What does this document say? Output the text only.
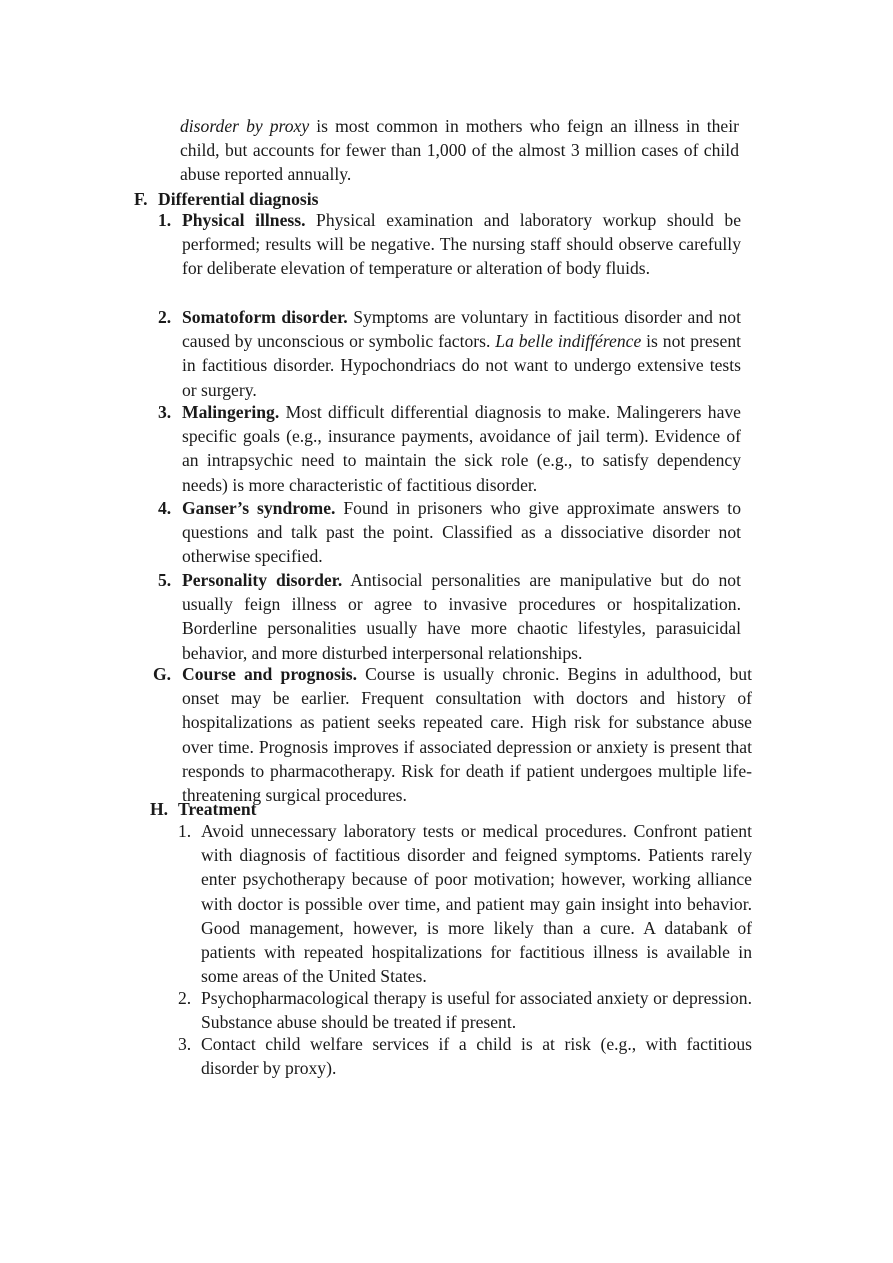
disorder by proxy is most common in mothers who feign an illness in their child, but accounts for fewer than 1,000 of the almost 3 million cases of child abuse reported annually.
F. Differential diagnosis
1. Physical illness. Physical examination and laboratory workup should be performed; results will be negative. The nursing staff should observe carefully for deliberate elevation of temperature or alteration of body fluids.
2. Somatoform disorder. Symptoms are voluntary in factitious disorder and not caused by unconscious or symbolic factors. La belle indifférence is not present in factitious disorder. Hypochondriacs do not want to undergo extensive tests or surgery.
3. Malingering. Most difficult differential diagnosis to make. Malingerers have specific goals (e.g., insurance payments, avoidance of jail term). Evidence of an intrapsychic need to maintain the sick role (e.g., to satisfy dependency needs) is more characteristic of factitious disorder.
4. Ganser’s syndrome. Found in prisoners who give approximate answers to questions and talk past the point. Classified as a dissociative disorder not otherwise specified.
5. Personality disorder. Antisocial personalities are manipulative but do not usually feign illness or agree to invasive procedures or hospitalization. Borderline personalities usually have more chaotic lifestyles, parasuicidal behavior, and more disturbed interpersonal relationships.
G. Course and prognosis. Course is usually chronic. Begins in adulthood, but onset may be earlier. Frequent consultation with doctors and history of hospitalizations as patient seeks repeated care. High risk for substance abuse over time. Prognosis improves if associated depression or anxiety is present that responds to pharmacotherapy. Risk for death if patient undergoes multiple life-threatening surgical procedures.
H. Treatment
1. Avoid unnecessary laboratory tests or medical procedures. Confront patient with diagnosis of factitious disorder and feigned symptoms. Patients rarely enter psychotherapy because of poor motivation; however, working alliance with doctor is possible over time, and patient may gain insight into behavior. Good management, however, is more likely than a cure. A databank of patients with repeated hospitalizations for factitious illness is available in some areas of the United States.
2. Psychopharmacological therapy is useful for associated anxiety or depression. Substance abuse should be treated if present.
3. Contact child welfare services if a child is at risk (e.g., with factitious disorder by proxy).
